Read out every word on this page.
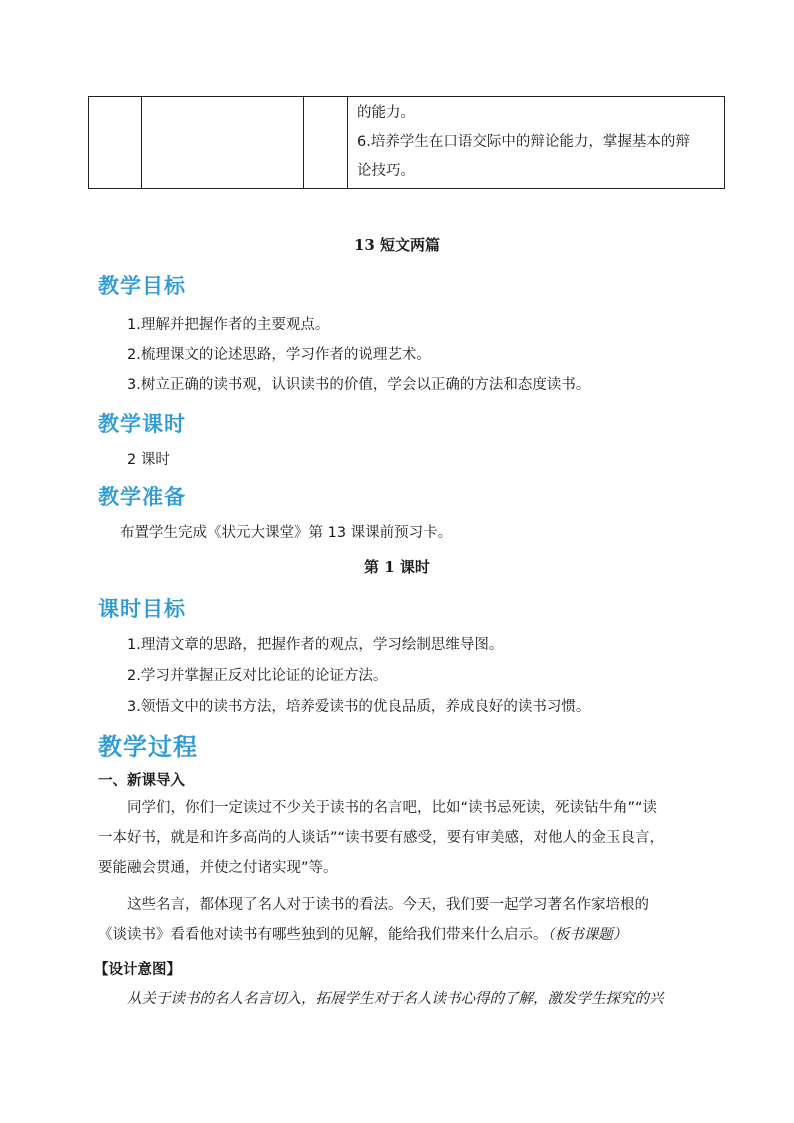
的能力。

6.培养学生在口语交际中的辩论能力，掌握基本的辩

论技巧。

13 短文两篇
教学目标
1.理解并把握作者的主要观点。
2.梳理课文的论述思路，学习作者的说理艺术。
3.树立正确的读书观，认识读书的价值，学会以正确的方法和态度读书。
教学课时
2 课时
教学准备
布置学生完成《状元大课堂》第 13 课课前预习卡。
第 1 课时
课时目标
1.理清文章的思路，把握作者的观点，学习绘制思维导图。
2.学习并掌握正反对比论证的论证方法。
3.领悟文中的读书方法，培养爱读书的优良品质，养成良好的读书习惯。
教学过程
一、新课导入

　　同学们，你们一定读过不少关于读书的名言吧，比如“读书忌死读，死读钻牛角”“读

一本好书，就是和许多高尚的人谈话”“读书要有感受，要有审美感，对他人的金玉良言，

要能融会贯通，并使之付诸实现”等。

　　这些名言，都体现了名人对于读书的看法。今天，我们要一起学习著名作家培根的

《谈读书》看看他对读书有哪些独到的见解，能给我们带来什么启示。（板书课题）

【设计意图】

　　从关于读书的名人名言切入，拓展学生对于名人读书心得的了解，激发学生探究的兴
